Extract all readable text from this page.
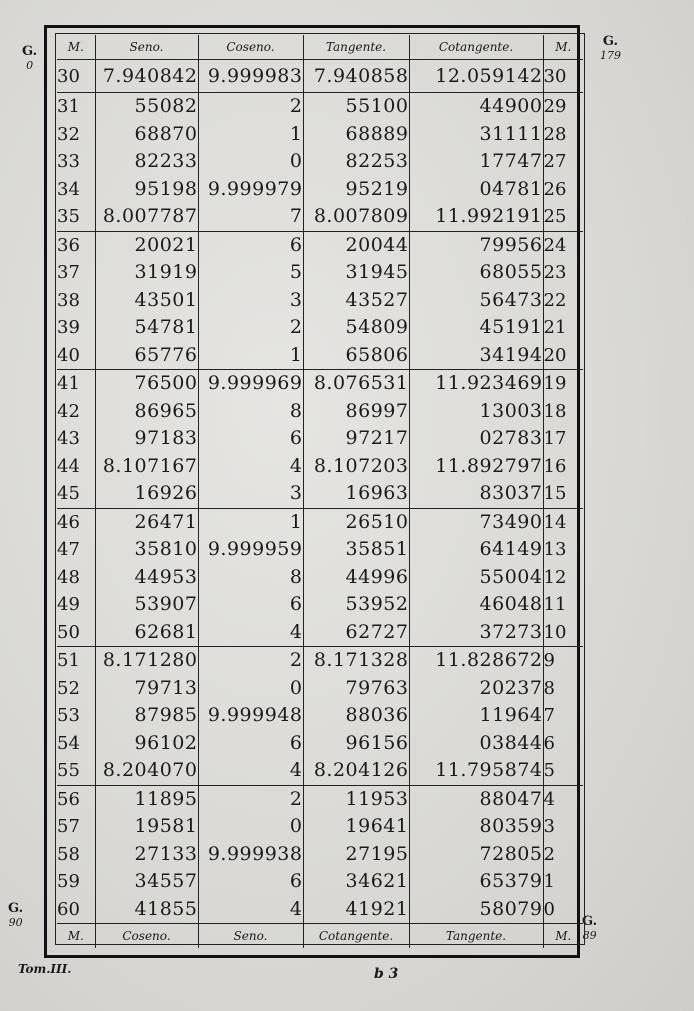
G.
0
G.
179
G.
90	G.
89
M.	Seno.	Coseno.	Tangente.	Cotangente.	M.
30	7.940842	9.999983	7.940858	12.059142	30
31	55082	2	55100	44900	29
32	68870	1	68889	31111	28
33	82233	0	82253	17747	27
34	95198	9.999979	95219	04781	26
35	8.007787	7	8.007809	11.992191	25
36	20021	6	20044	79956	24
37	31919	5	31945	68055	23
38	43501	3	43527	56473	22
39	54781	2	54809	45191	21
40	65776	1	65806	34194	20
41	76500	9.999969	8.076531	11.923469	19
42	86965	8	86997	13003	18
43	97183	6	97217	02783	17
44	8.107167	4	8.107203	11.892797	16
45	16926	3	16963	83037	15
46	26471	1	26510	73490	14
47	35810	9.999959	35851	64149	13
48	44953	8	44996	55004	12
49	53907	6	53952	46048	11
50	62681	4	62727	37273	10
51	8.171280	2	8.171328	11.828672	9
52	79713	0	79763	20237	8
53	87985	9.999948	88036	11964	7
54	96102	6	96156	03844	6
55	8.204070	4	8.204126	11.795874	5
56	11895	2	11953	88047	4
57	19581	0	19641	80359	3
58	27133	9.999938	27195	72805	2
59	34557	6	34621	65379	1
60	41855	4	41921	58079	0
M.	Coseno.	Seno.	Cotangente.	Tangente.	M.
Tom.III.	b 3
